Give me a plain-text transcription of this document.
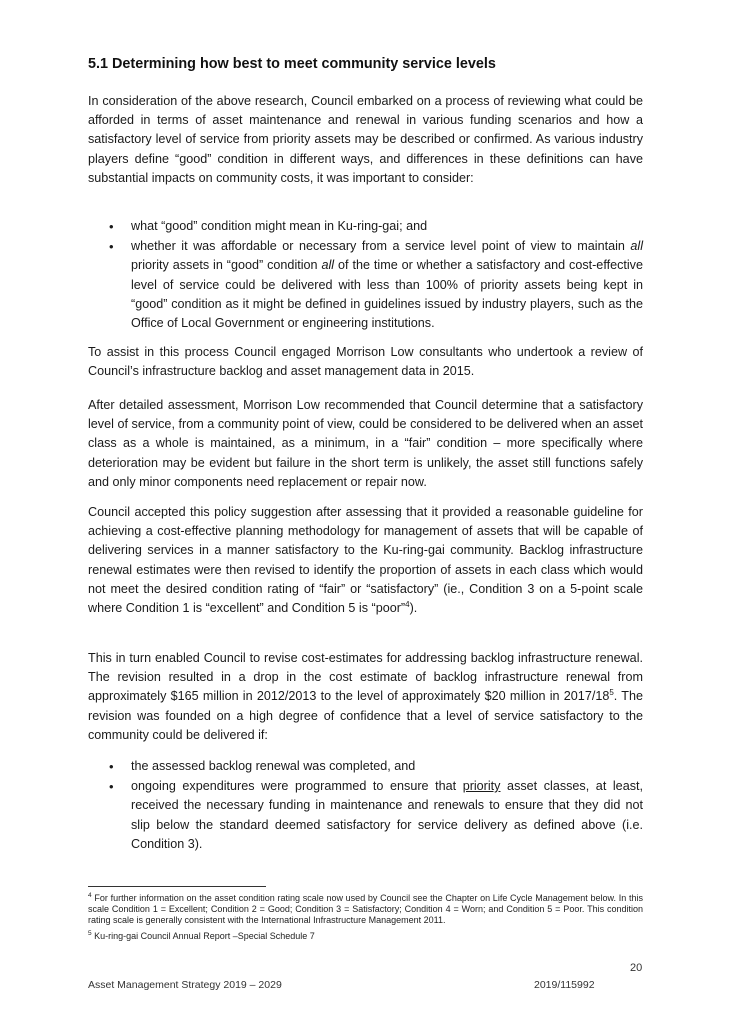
5.1 Determining how best to meet community service levels

In consideration of the above research, Council embarked on a process of reviewing what could be afforded in terms of asset maintenance and renewal in various funding scenarios and how a satisfactory level of service from priority assets may be described or confirmed. As various industry players define “good” condition in different ways, and differences in these definitions can have substantial impacts on community costs, it was important to consider:

• what “good” condition might mean in Ku-ring-gai; and
• whether it was affordable or necessary from a service level point of view to maintain all priority assets in “good” condition all of the time or whether a satisfactory and cost-effective level of service could be delivered with less than 100% of priority assets being kept in “good” condition as it might be defined in guidelines issued by industry players, such as the Office of Local Government or engineering institutions.

To assist in this process Council engaged Morrison Low consultants who undertook a review of Council’s infrastructure backlog and asset management data in 2015.

After detailed assessment, Morrison Low recommended that Council determine that a satisfactory level of service, from a community point of view, could be considered to be delivered when an asset class as a whole is maintained, as a minimum, in a “fair” condition – more specifically where deterioration may be evident but failure in the short term is unlikely, the asset still functions safely and only minor components need replacement or repair now.

Council accepted this policy suggestion after assessing that it provided a reasonable guideline for achieving a cost-effective planning methodology for management of assets that will be capable of delivering services in a manner satisfactory to the Ku-ring-gai community. Backlog infrastructure renewal estimates were then revised to identify the proportion of assets in each class which would not meet the desired condition rating of “fair” or “satisfactory” (ie., Condition 3 on a 5-point scale where Condition 1 is “excellent” and Condition 5 is “poor”$^4$).

This in turn enabled Council to revise cost-estimates for addressing backlog infrastructure renewal. The revision resulted in a drop in the cost estimate of backlog infrastructure renewal from approximately $165 million in 2012/2013 to the level of approximately $20 million in $2017/18^5$. The revision was founded on a high degree of confidence that a level of service satisfactory to the community could be delivered if:

• the assessed backlog renewal was completed, and
• ongoing expenditures were programmed to ensure that priority asset classes, at least, received the necessary funding in maintenance and renewals to ensure that they did not slip below the standard deemed satisfactory for service delivery as defined above (i.e. Condition 3).

$^4$ For further information on the asset condition rating scale now used by Council see the Chapter on Life Cycle Management below. In this scale Condition 1 = Excellent; Condition 2 = Good; Condition 3 = Satisfactory; Condition 4 = Worn; and Condition 5 = Poor. This condition rating scale is generally consistent with the International Infrastructure Management 2011.

$^5$ Ku-ring-gai Council Annual Report –Special Schedule 7

20
Asset Management Strategy 2019 – 2029	2019/115992
